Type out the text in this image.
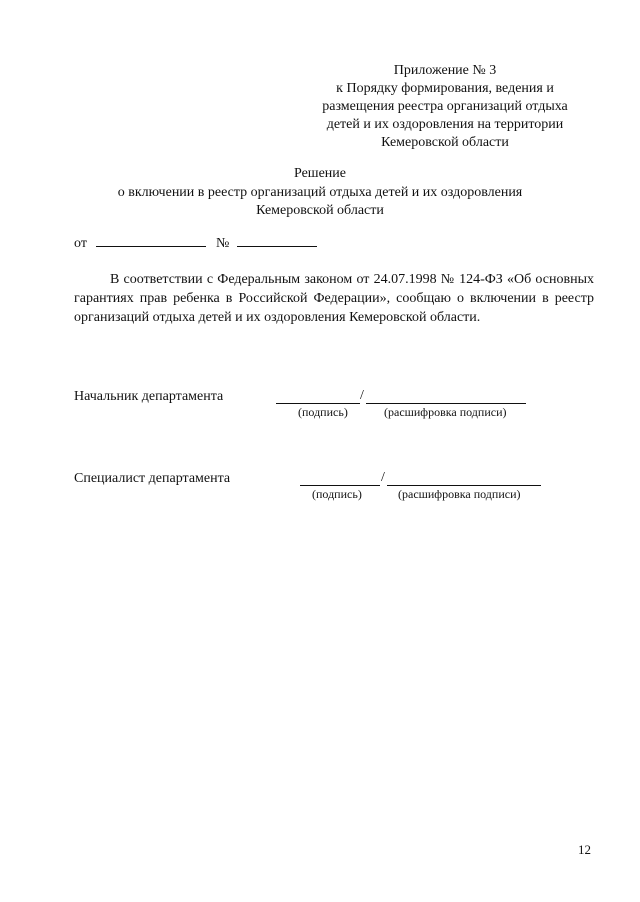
Приложение № 3
к Порядку формирования, ведения и
размещения реестра организаций отдыха
детей и их оздоровления на территории
Кемеровской области
Решение
о включении в реестр организаций отдыха детей и их оздоровления
Кемеровской области
от	№
В соответствии с Федеральным законом от 24.07.1998 № 124-ФЗ «Об основных гарантиях прав ребенка в Российской Федерации», сообщаю о включении в реестр организаций отдыха детей и их оздоровления Кемеровской области.
Начальник департамента	/
(подпись)	(расшифровка подписи)
Специалист департамента	/
(подпись)	(расшифровка подписи)
12
